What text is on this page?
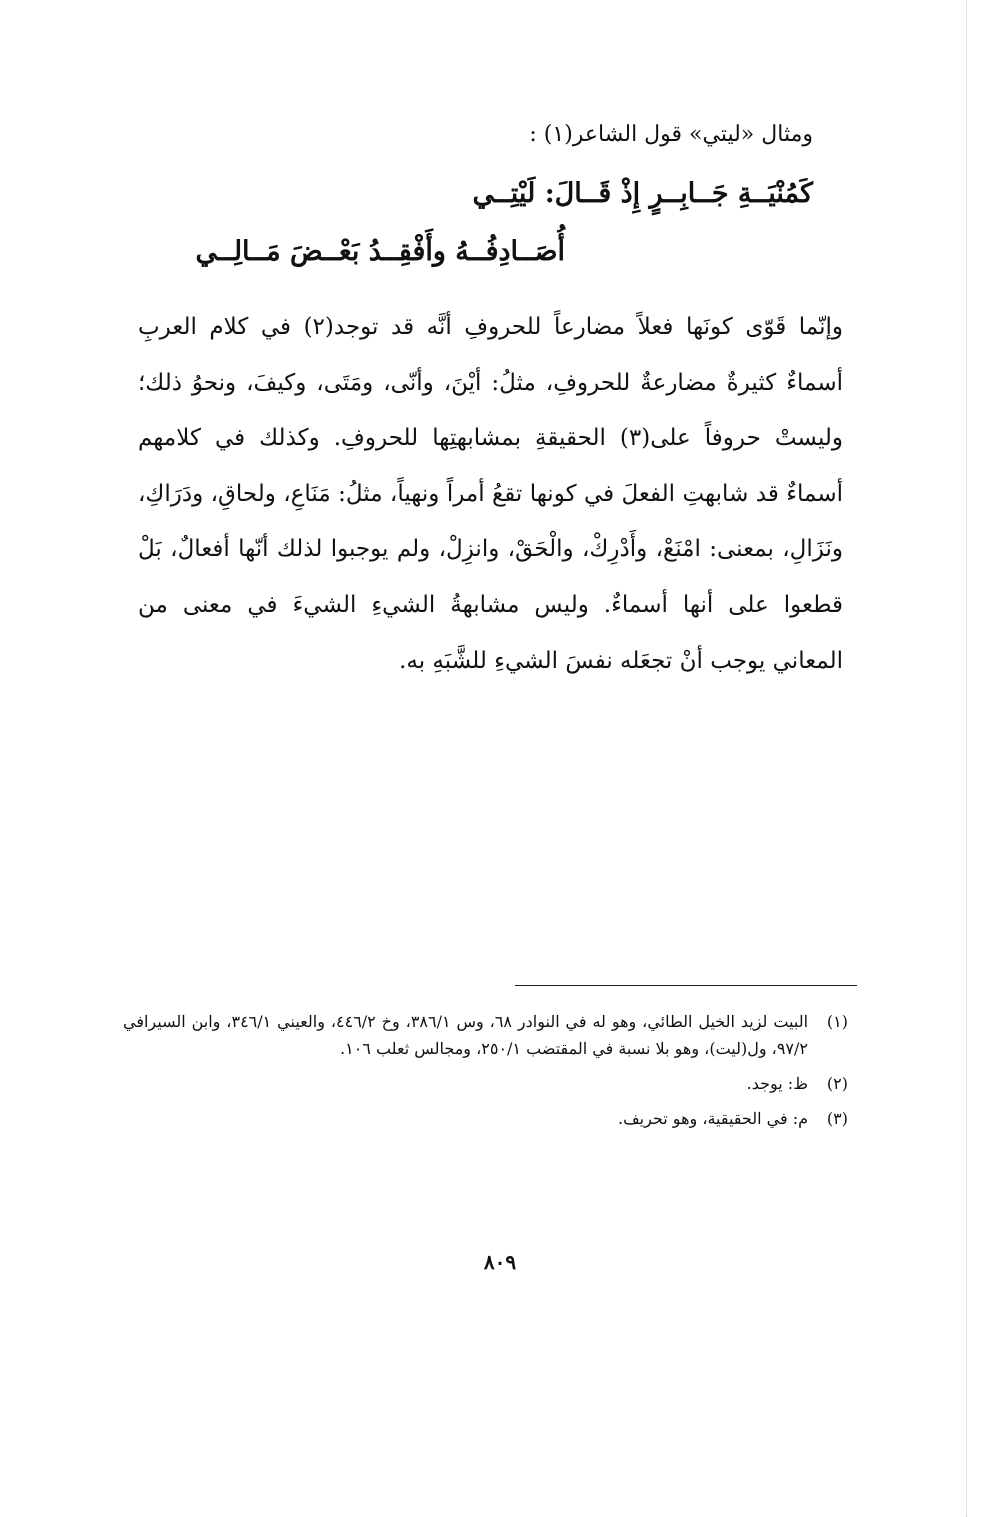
ومثال «ليتي» قول الشاعر(١) :
كَمُنْيَــةِ جَــابِــرٍ إِذْ قَــالَ: لَيْتِــي
أُصَــادِفُــهُ وأَفْقِــدُ بَعْــضَ مَــالِــي

وإنّما قَوّى كونَها فعلاً مضارعاً للحروفِ أنَّه قد توجد(٢) في كلام العربِ أسماءٌ كثيرةٌ مضارعةٌ للحروفِ، مثلُ: أيْنَ، وأنّى، ومَتَى، وكيفَ، ونحوُ ذلك؛ وليستْ حروفاً على(٣) الحقيقةِ بمشابهتِها للحروفِ. وكذلك في كلامهم أسماءٌ قد شابهتِ الفعلَ في كونها تقعُ أمراً ونهياً، مثلُ: مَنَاعِ، ولحاقِ، ودَرَاكِ، ونَزَالِ، بمعنى: امْنَعْ، وأَدْرِكْ، والْحَقْ، وانزِلْ، ولم يوجبوا لذلك أنّها أفعالٌ، بَلْ قطعوا على أنها أسماءٌ. وليس مشابهةُ الشيءِ الشيءَ في معنى من المعاني يوجب أنْ تجعَله نفسَ الشيءِ للشَّبَهِ به.

(١)
البيت لزيد الخيل الطائي، وهو له في النوادر ٦٨، وس ٣٨٦/١، وخ ٤٤٦/٢، والعيني ٣٤٦/١، وابن السيرافي ٩٧/٢، ول(ليت)، وهو بلا نسبة في المقتضب ٢٥٠/١، ومجالس ثعلب ١٠٦.
(٢)
ظ: يوجد.
(٣)
م: في الحقيقية، وهو تحريف.
٨٠٩
